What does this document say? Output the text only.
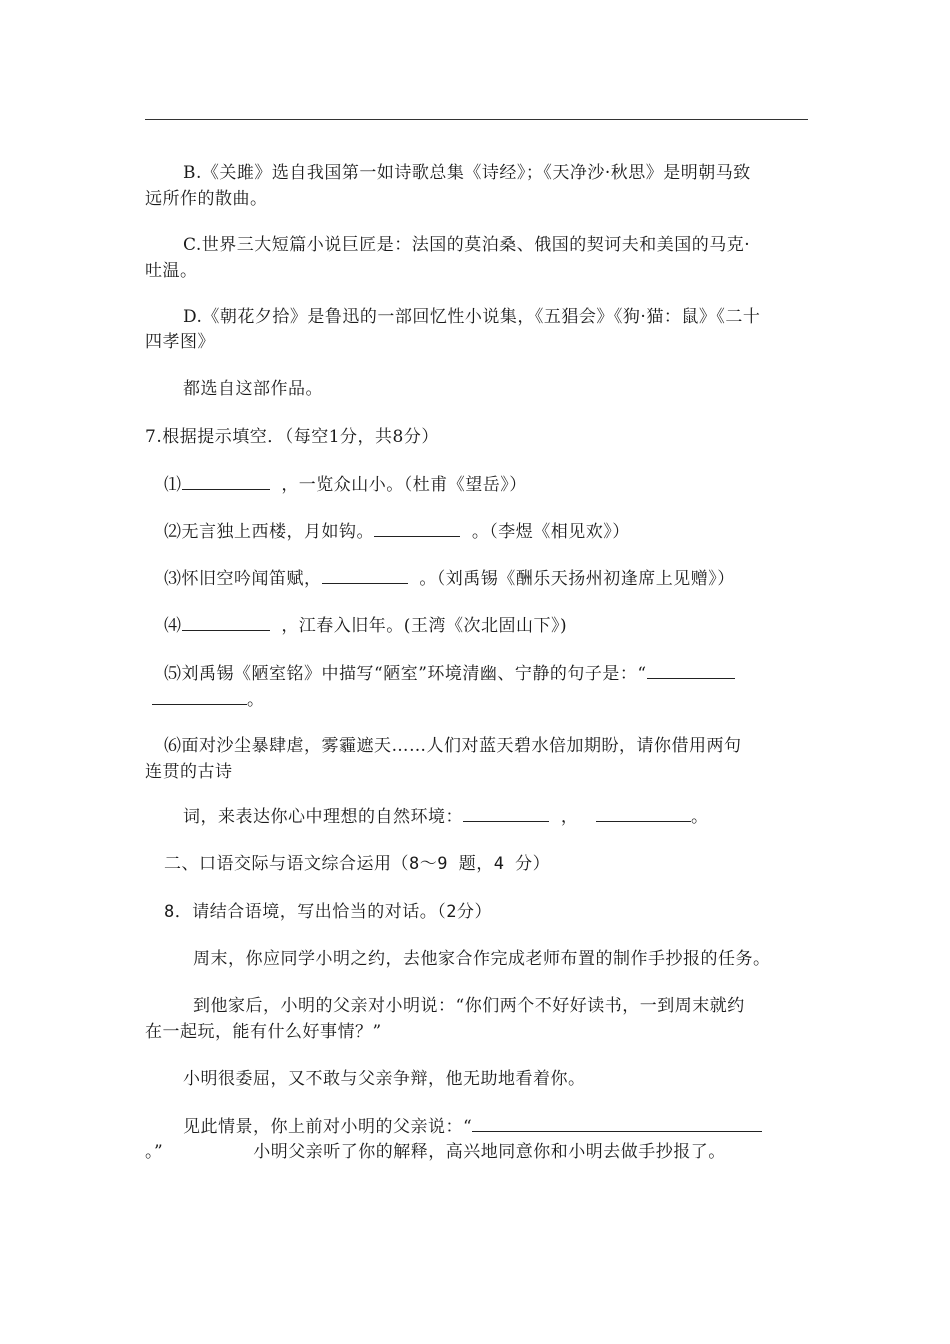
B.《关雎》选自我国第一如诗歌总集《诗经》；《天净沙·秋思》是明朝马致
远所作的散曲。
C.世界三大短篇小说巨匠是：法国的莫泊桑、俄国的契诃夫和美国的马克·
吐温。
D.《朝花夕拾》是鲁迅的一部回忆性小说集，《五猖会》《狗·猫：鼠》《二十
四孝图》
都选自这部作品。
7.根据提示填空．（每空1分，共8分）
⑴	，一览众山小。（杜甫《望岳》）
⑵无言独上西楼，月如钩。	。（李煜《相见欢》）
⑶怀旧空吟闻笛赋，	。（刘禹锡《酬乐天扬州初逢席上见赠》）
⑷	，江春入旧年。(王湾《次北固山下》)
⑸刘禹锡《陋室铭》中描写“陋室”环境清幽、宁静的句子是：“
。
⑹面对沙尘暴肆虐，雾霾遮天……人们对蓝天碧水倍加期盼，请你借用两句
连贯的古诗
词，来表达你心中理想的自然环境：	，	。
二、口语交际与语文综合运用（8～9 题，4 分）
8．请结合语境，写出恰当的对话。（2分）
周末，你应同学小明之约，去他家合作完成老师布置的制作手抄报的任务。
到他家后，小明的父亲对小明说：“你们两个不好好读书，一到周末就约
在一起玩，能有什么好事情？”
小明很委屈，又不敢与父亲争辩，他无助地看着你。
见此情景，你上前对小明的父亲说：“
。”	小明父亲听了你的解释，高兴地同意你和小明去做手抄报了。
